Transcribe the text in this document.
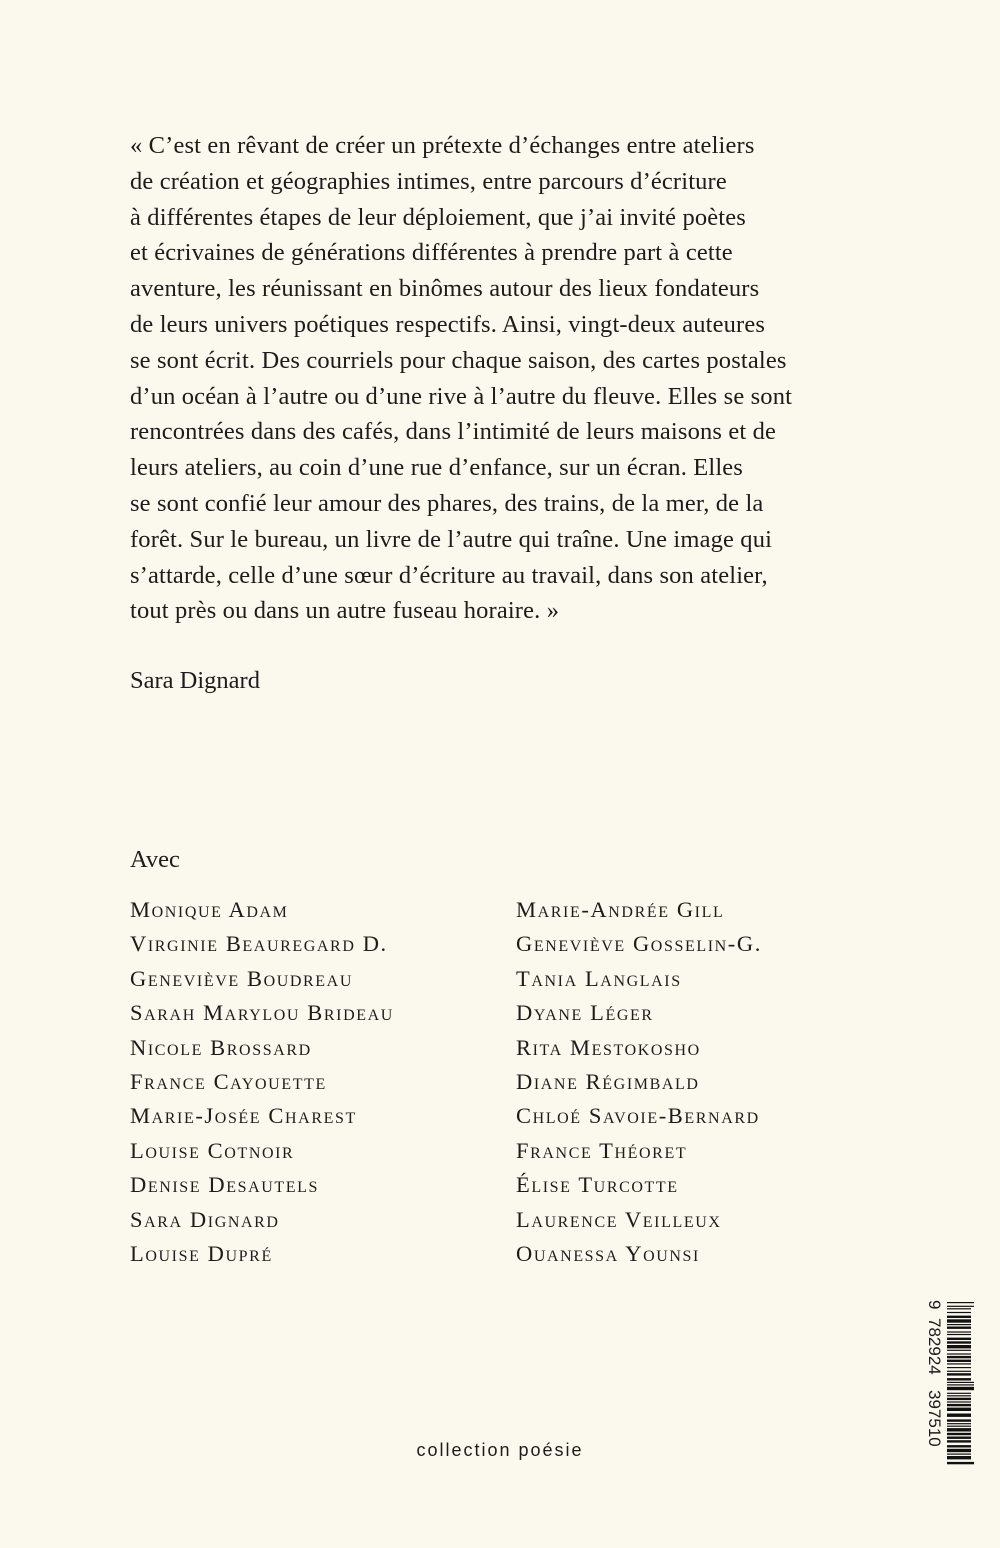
« C’est en rêvant de créer un prétexte d’échanges entre ateliers
de création et géographies intimes, entre parcours d’écriture
à différentes étapes de leur déploiement, que j’ai invité poètes
et écrivaines de générations différentes à prendre part à cette
aventure, les réunissant en binômes autour des lieux fondateurs
de leurs univers poétiques respectifs. Ainsi, vingt-deux auteures
se sont écrit. Des courriels pour chaque saison, des cartes postales
d’un océan à l’autre ou d’une rive à l’autre du fleuve. Elles se sont
rencontrées dans des cafés, dans l’intimité de leurs maisons et de
leurs ateliers, au coin d’une rue d’enfance, sur un écran. Elles
se sont confié leur amour des phares, des trains, de la mer, de la
forêt. Sur le bureau, un livre de l’autre qui traîne. Une image qui
s’attarde, celle d’une sœur d’écriture au travail, dans son atelier,
tout près ou dans un autre fuseau horaire. »
Sara Dignard
Avec
Monique Adam
Virginie Beauregard D.
Geneviève Boudreau
Sarah Marylou Brideau
Nicole Brossard
France Cayouette
Marie-Josée Charest
Louise Cotnoir
Denise Desautels
Sara Dignard
Louise Dupré
Marie-Andrée Gill
Geneviève Gosselin-G.
Tania Langlais
Dyane Léger
Rita Mestokosho
Diane Régimbald
Chloé Savoie-Bernard
France Théoret
Élise Turcotte
Laurence Veilleux
Ouanessa Younsi
9
782924
397510
collection poésie
